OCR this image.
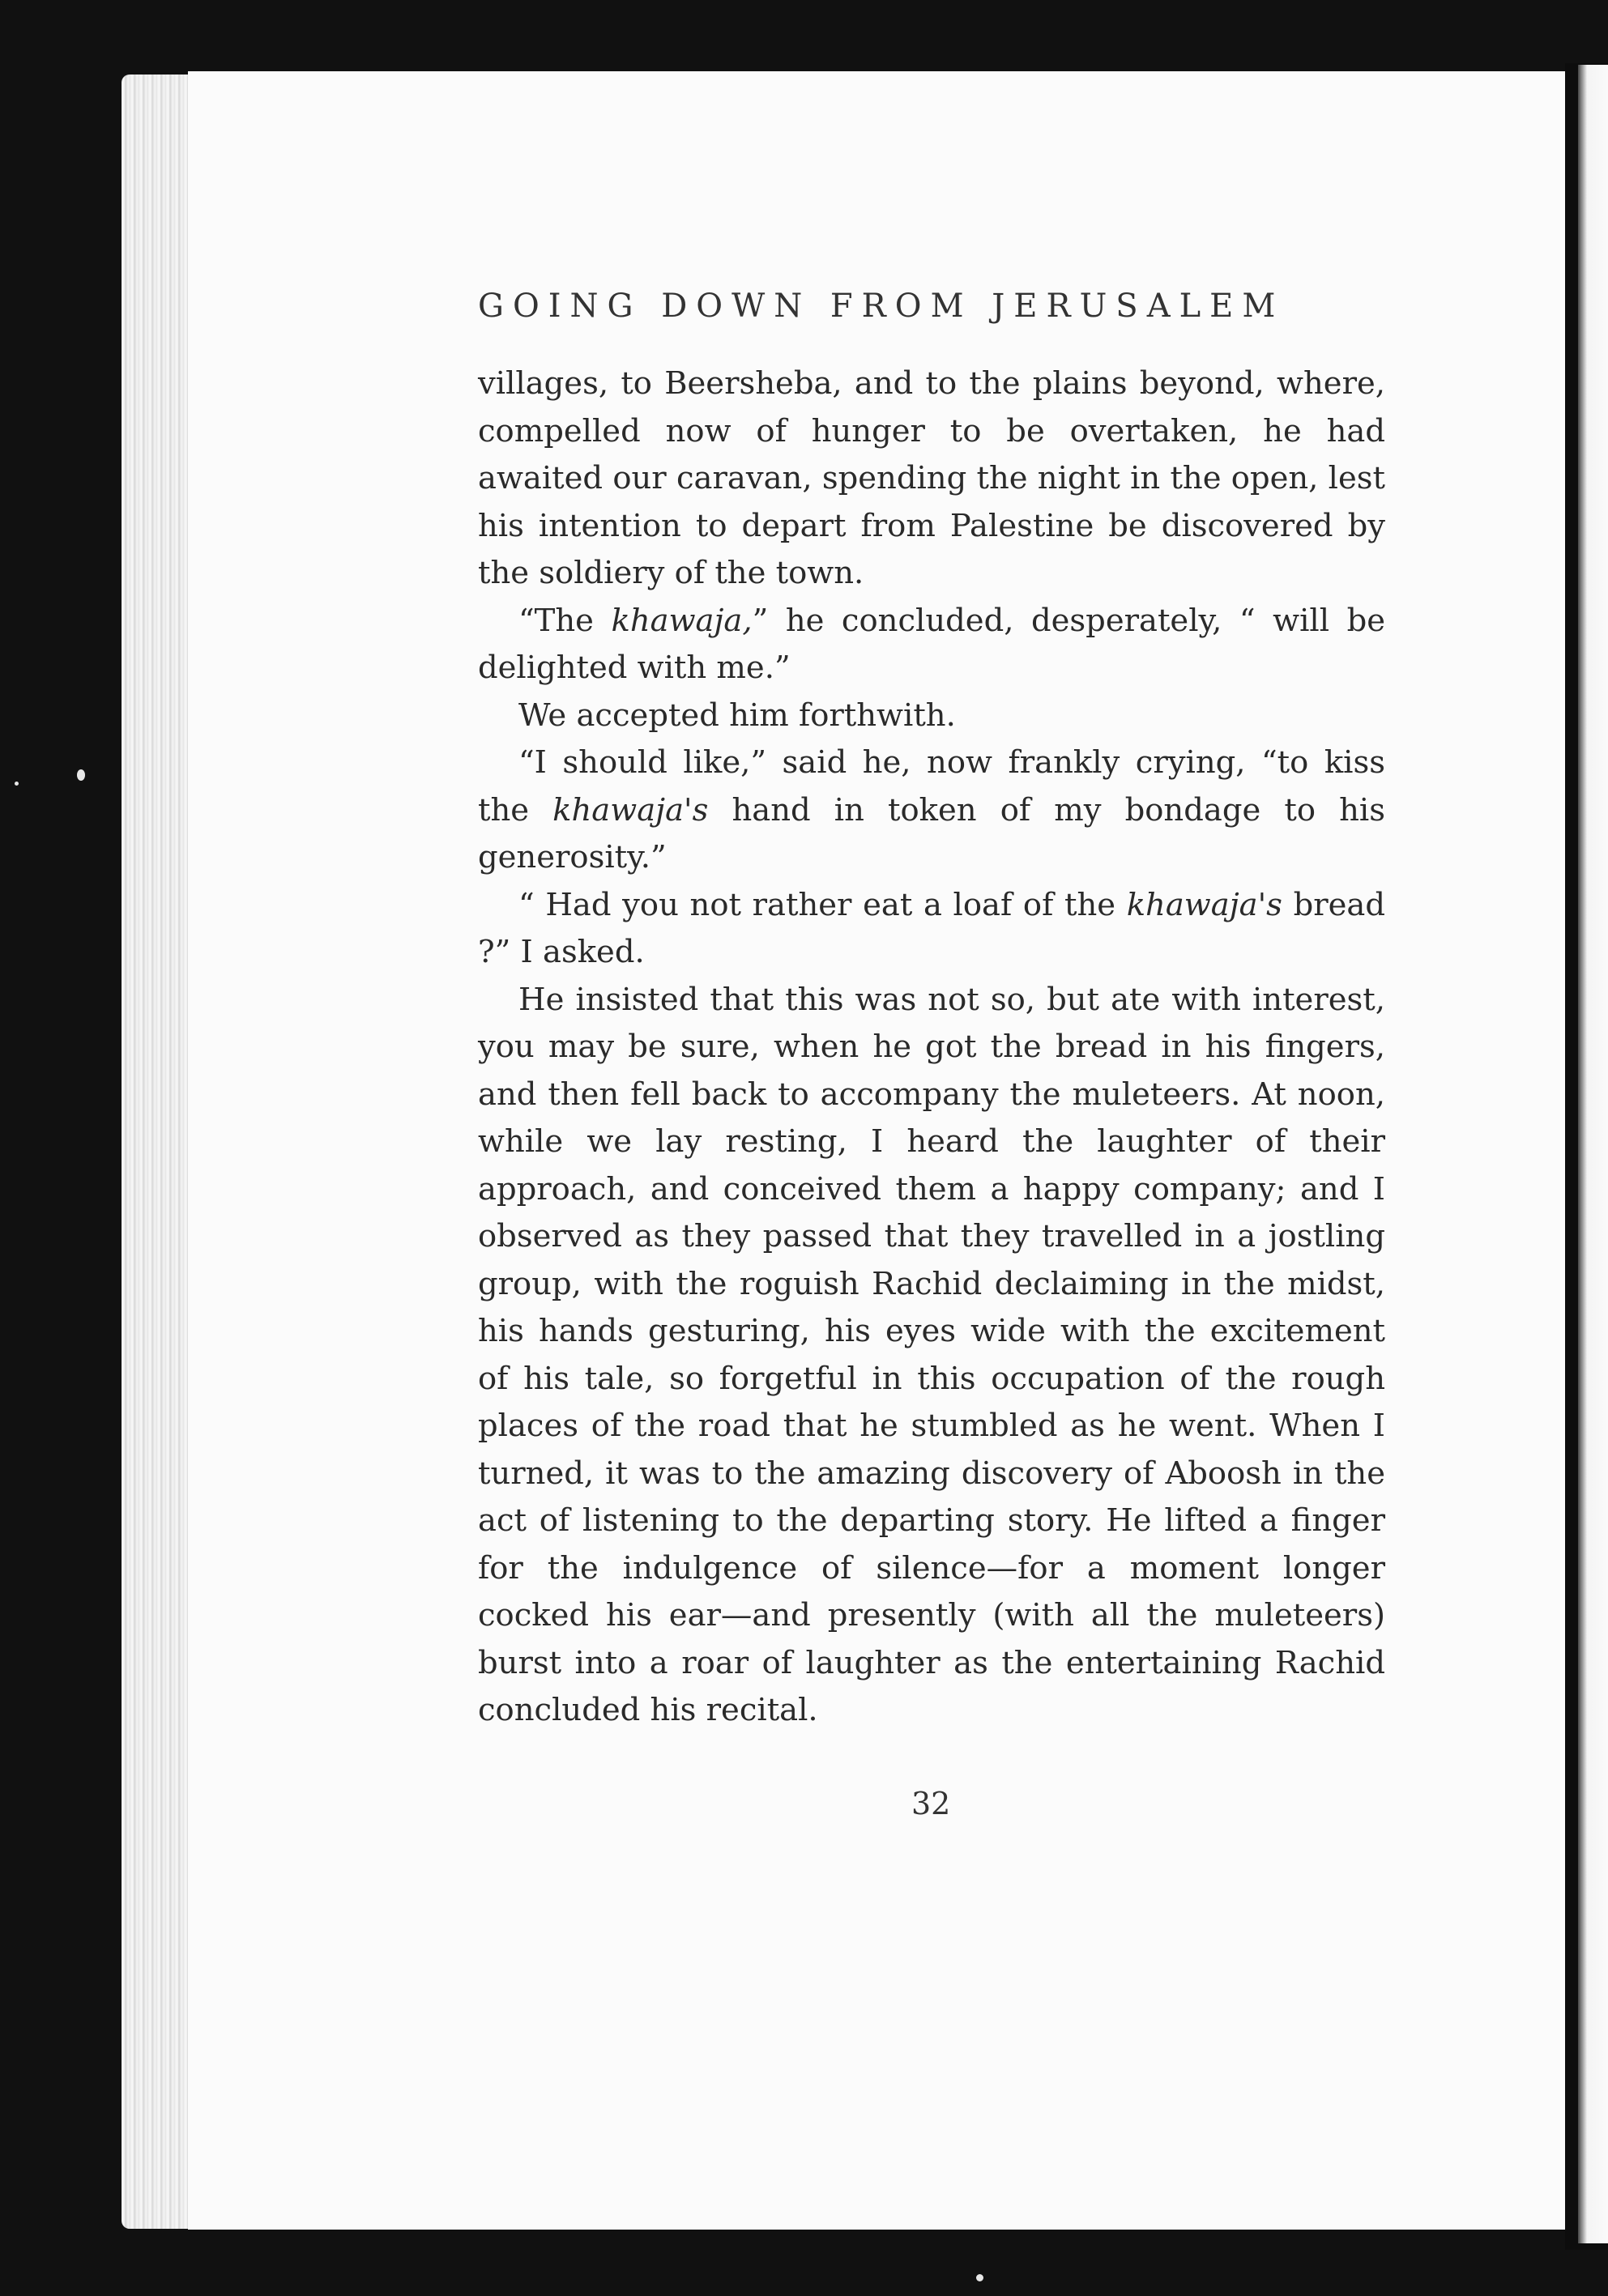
GOING DOWN FROM JERUSALEM

villages, to Beersheba, and to the plains beyond, where, compelled now of hunger to be overtaken, he had awaited our caravan, spending the night in the open, lest his intention to depart from Palestine be discovered by the soldiery of the town.

“The khawaja,” he concluded, desperately, “ will be delighted with me.”

We accepted him forthwith.

“I should like,” said he, now frankly crying, “to kiss the khawaja's hand in token of my bondage to his generosity.”

“ Had you not rather eat a loaf of the khawaja's bread ?” I asked.

He insisted that this was not so, but ate with interest, you may be sure, when he got the bread in his fingers, and then fell back to accompany the muleteers. At noon, while we lay resting, I heard the laughter of their approach, and conceived them a happy company; and I observed as they passed that they travelled in a jostling group, with the roguish Rachid declaiming in the midst, his hands gesturing, his eyes wide with the excitement of his tale, so forgetful in this occupation of the rough places of the road that he stumbled as he went. When I turned, it was to the amazing discovery of Aboosh in the act of listening to the departing story. He lifted a finger for the indulgence of silence—for a moment longer cocked his ear—and presently (with all the muleteers) burst into a roar of laughter as the entertaining Rachid concluded his recital.

32
